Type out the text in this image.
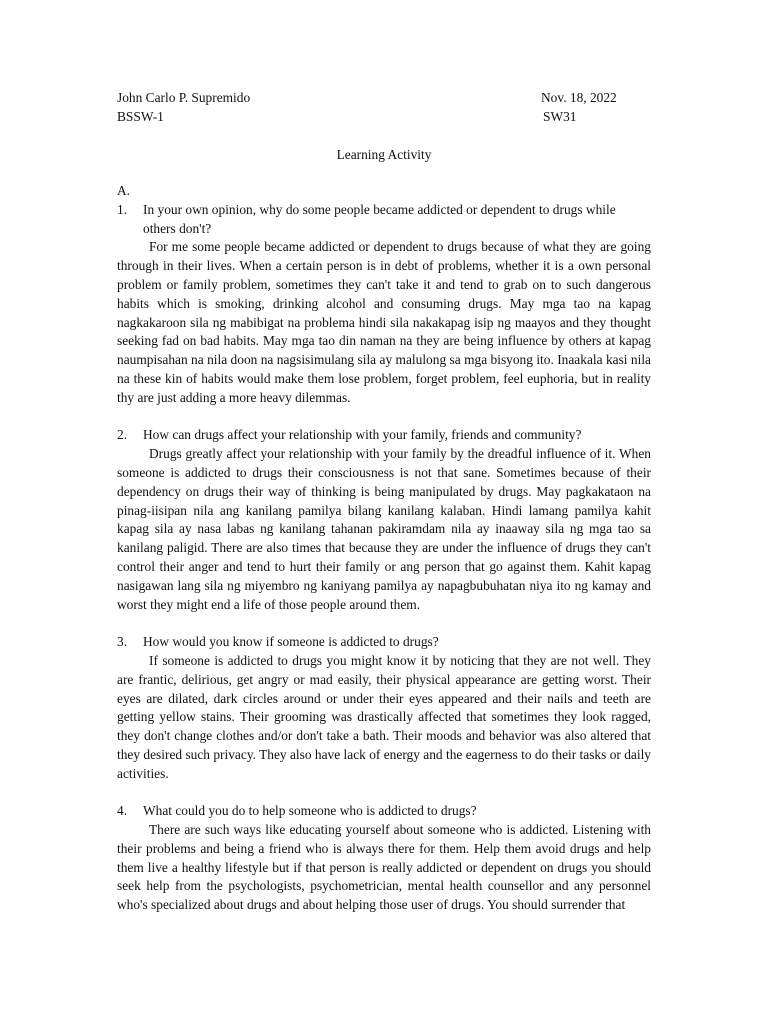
John Carlo P. Supremido	Nov. 18, 2022
BSSW-1	SW31
Learning Activity

A.

1.	In your own opinion, why do some people became addicted or dependent to drugs while others don't?

For me some people became addicted or dependent to drugs because of what they are going through in their lives. When a certain person is in debt of problems, whether it is a own personal problem or family problem, sometimes they can't take it and tend to grab on to such dangerous habits which is smoking, drinking alcohol and consuming drugs. May mga tao na kapag nagkakaroon sila ng mabibigat na problema hindi sila nakakapag isip ng maayos and they thought seeking fad on bad habits. May mga tao din naman na they are being influence by others at kapag naumpisahan na nila doon na nagsisimulang sila ay malulong sa mga bisyong ito. Inaakala kasi nila na these kin of habits would make them lose problem, forget problem, feel euphoria, but in reality thy are just adding a more heavy dilemmas.

2.	How can drugs affect your relationship with your family, friends and community?

Drugs greatly affect your relationship with your family by the dreadful influence of it. When someone is addicted to drugs their consciousness is not that sane. Sometimes because of their dependency on drugs their way of thinking is being manipulated by drugs. May pagkakataon na pinag-iisipan nila ang kanilang pamilya bilang kanilang kalaban. Hindi lamang pamilya kahit kapag sila ay nasa labas ng kanilang tahanan pakiramdam nila ay inaaway sila ng mga tao sa kanilang paligid. There are also times that because they are under the influence of drugs they can't control their anger and tend to hurt their family or ang person that go against them. Kahit kapag nasigawan lang sila ng miyembro ng kaniyang pamilya ay napagbubuhatan niya ito ng kamay and worst they might end a life of those people around them.

3.	How would you know if someone is addicted to drugs?

If someone is addicted to drugs you might know it by noticing that they are not well. They are frantic, delirious, get angry or mad easily, their physical appearance are getting worst. Their eyes are dilated, dark circles around or under their eyes appeared and their nails and teeth are getting yellow stains. Their grooming was drastically affected that sometimes they look ragged, they don't change clothes and/or don't take a bath. Their moods and behavior was also altered that they desired such privacy. They also have lack of energy and the eagerness to do their tasks or daily activities.

4.	What could you do to help someone who is addicted to drugs?

There are such ways like educating yourself about someone who is addicted. Listening with their problems and being a friend who is always there for them. Help them avoid drugs and help them live a healthy lifestyle but if that person is really addicted or dependent on drugs you should seek help from the psychologists, psychometrician, mental health counsellor and any personnel who's specialized about drugs and about helping those user of drugs. You should surrender that
